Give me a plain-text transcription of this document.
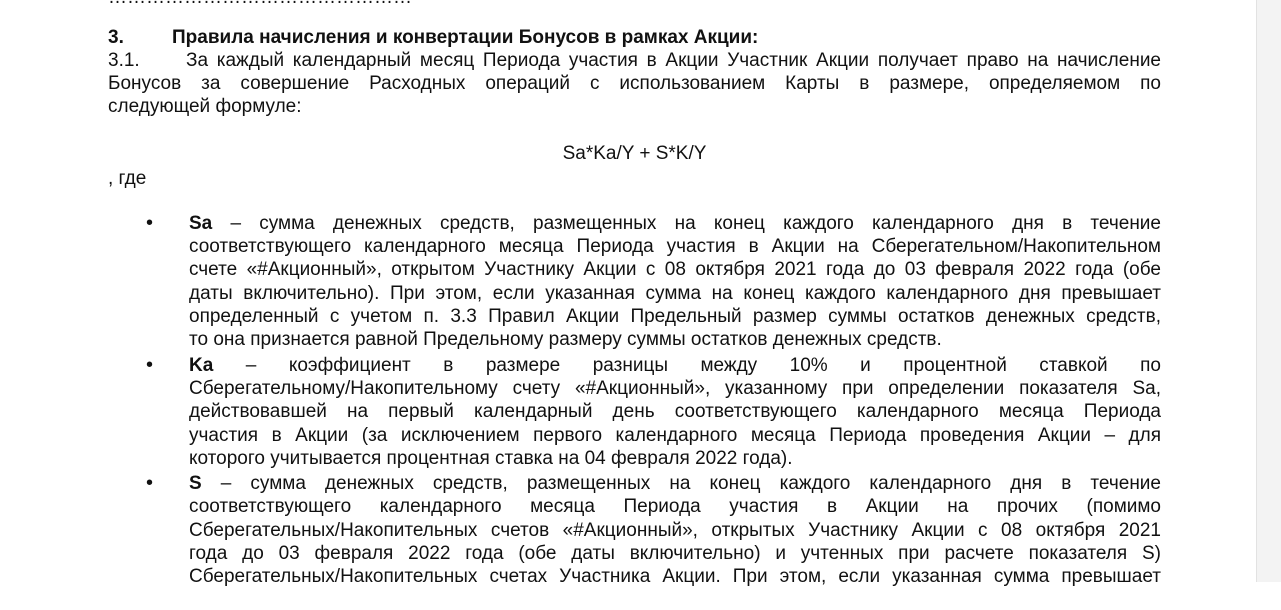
3.	Правила начисления и конвертации Бонусов в рамках Акции:
3.1. За каждый календарный месяц Периода участия в Акции Участник Акции получает право на начисление
Бонусов за совершение Расходных операций с использованием Карты в размере, определяемом по
следующей формуле:
Sa*Ka/Y + S*K/Y
, где
• Sa – сумма денежных средств, размещенных на конец каждого календарного дня в течение
соответствующего календарного месяца Периода участия в Акции на Сберегательном/Накопительном
счете «#Акционный», открытом Участнику Акции с 08 октября 2021 года до 03 февраля 2022 года (обе
даты включительно). При этом, если указанная сумма на конец каждого календарного дня превышает
определенный с учетом п. 3.3 Правил Акции Предельный размер суммы остатков денежных средств,
то она признается равной Предельному размеру суммы остатков денежных средств.
• Ka – коэффициент в размере разницы между 10% и процентной ставкой по
Сберегательному/Накопительному счету «#Акционный», указанному при определении показателя Sa,
действовавшей на первый календарный день соответствующего календарного месяца Периода
участия в Акции (за исключением первого календарного месяца Периода проведения Акции – для
которого учитывается процентная ставка на 04 февраля 2022 года).
• S – сумма денежных средств, размещенных на конец каждого календарного дня в течение
соответствующего календарного месяца Периода участия в Акции на прочих (помимо
Сберегательных/Накопительных счетов «#Акционный», открытых Участнику Акции с 08 октября 2021
года до 03 февраля 2022 года (обе даты включительно) и учтенных при расчете показателя S)
Сберегательных/Накопительных счетах Участника Акции. При этом, если указанная сумма превышает
